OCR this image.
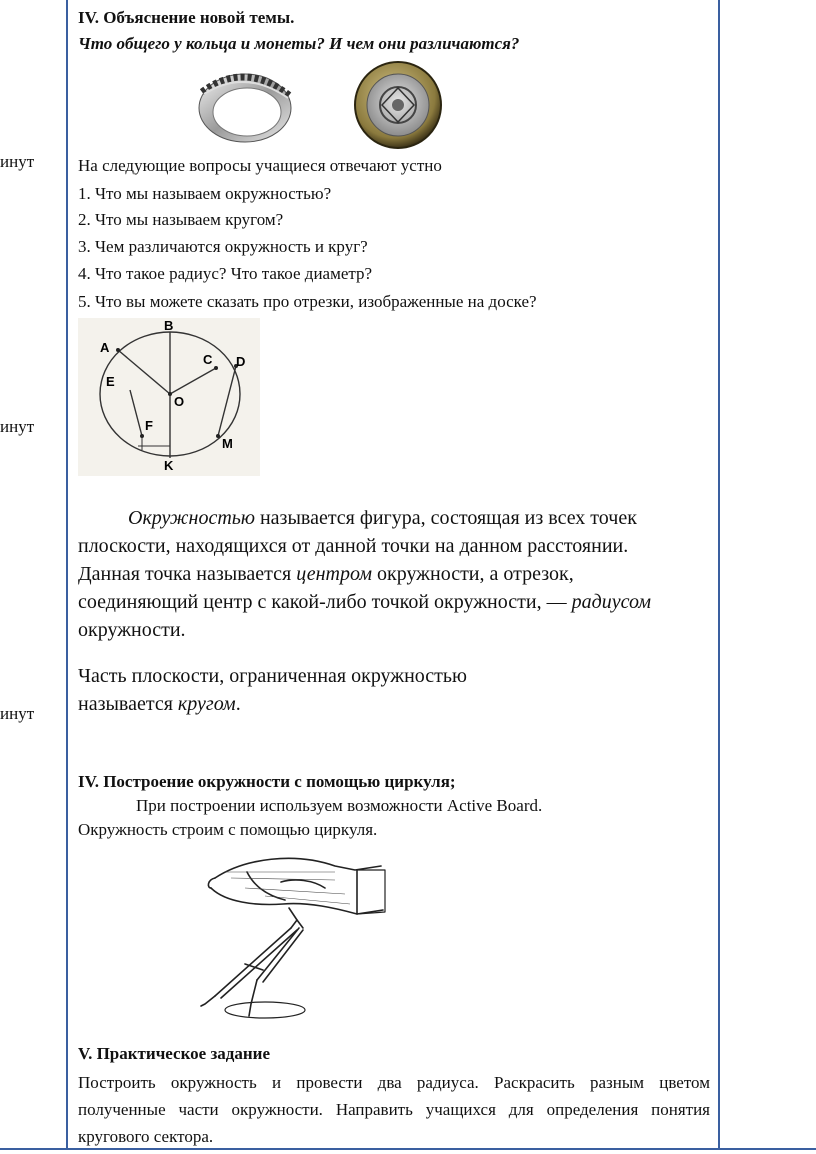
инут
инут
инут
IV. Объяснение новой темы.
Что общего у кольца и монеты? И чем они различаются?
На следующие вопросы учащиеся отвечают устно
1. Что мы называем окружностью?
2. Что мы называем кругом?
3. Чем различаются окружность и круг?
4. Что такое радиус? Что такое диаметр?
5. Что вы можете сказать про отрезки, изображенные на доске?
B
A
C D
E
O
F
M
K
Окружностью называется фигура, состоящая из всех точек плоскости, находящихся от данной точки на данном расстоянии. Данная точка называется центром окружности, а отрезок, соединяющий центр с какой-либо точкой окружности, — радиусом окружности.
Часть плоскости, ограниченная окружностью называется кругом.
IV. Построение окружности с помощью циркуля;
При построении используем возможности Active Board.
Окружность строим с помощью циркуля.
V. Практическое задание
Построить окружность и провести два радиуса. Раскрасить разным цветом полученные части окружности. Направить учащихся для определения понятия кругового сектора.
